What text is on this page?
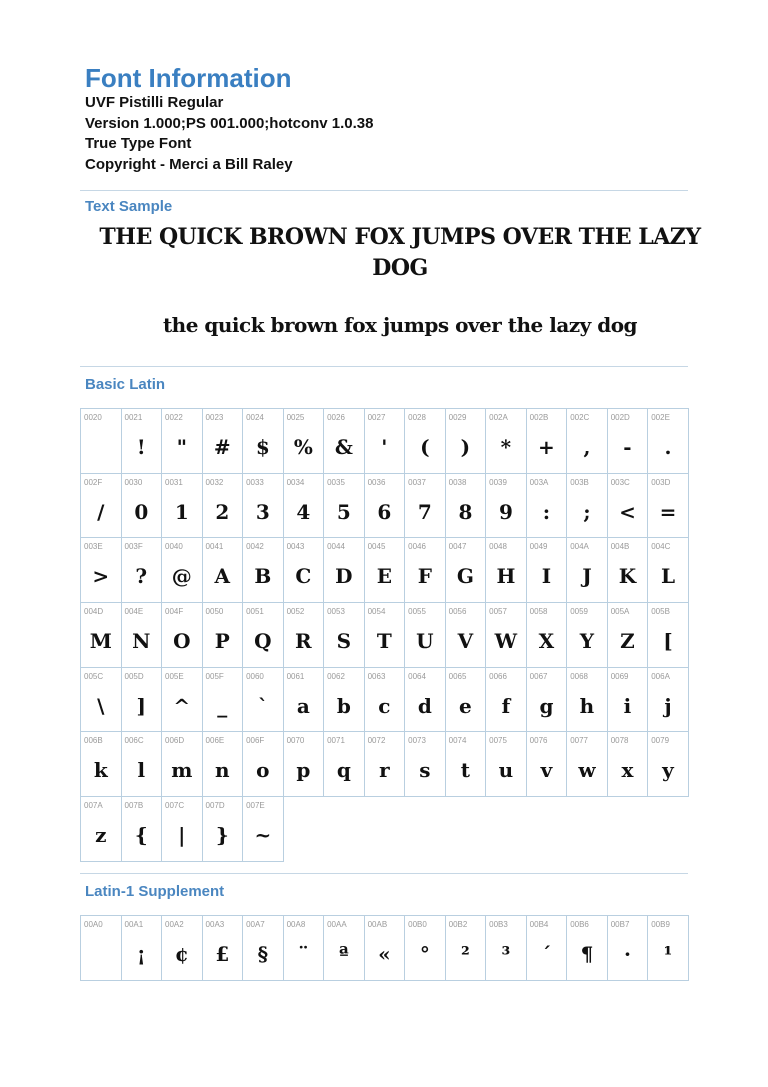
Font Information
UVF Pistilli Regular
Version 1.000;PS 001.000;hotconv 1.0.38
True Type Font
Copyright - Merci a Bill Raley
Text Sample
THE QUICK BROWN FOX JUMPS OVER THE LAZY DOG
the quick brown fox jumps over the lazy dog
Basic Latin
0020	0021
!
0022
"
0023
#
0024
$
0025
%
0026
&
0027
'
0028
(
0029
)
002A
*
002B
+
002C
,
002D
-
002E
.
002F
/
0030
0
0031
1
0032
2
0033
3
0034
4
0035
5
0036
6
0037
7
0038
8
0039
9
003A
:
003B
;
003C
<
003D
=
003E
>
003F
?
0040
@
0041
A
0042
B
0043
C
0044
D
0045
E
0046
F
0047
G
0048
H
0049
I
004A
J
004B
K
004C
L
004D
M
004E
N
004F
O
0050
P
0051
Q
0052
R
0053
S
0054
T
0055
U
0056
V
0057
W
0058
X
0059
Y
005A
Z
005B
[
005C
\
005D
]
005E
^
005F
_
0060
`
0061
a
0062
b
0063
c
0064
d
0065
e
0066
f
0067
g
0068
h
0069
i
006A
j
006B
k
006C
l
006D
m
006E
n
006F
o
0070
p
0071
q
0072
r
0073
s
0074
t
0075
u
0076
v
0077
w
0078
x
0079
y
007A
z
007B
{
007C
|
007D
}
007E
~
Latin-1 Supplement
00A0	00A1
¡
00A2
¢
00A3
£
00A7
§
00A8
¨
00AA
ª
00AB
«
00B0
°
00B2
²
00B3
³
00B4
´
00B6
¶
00B7
·
00B9
¹
